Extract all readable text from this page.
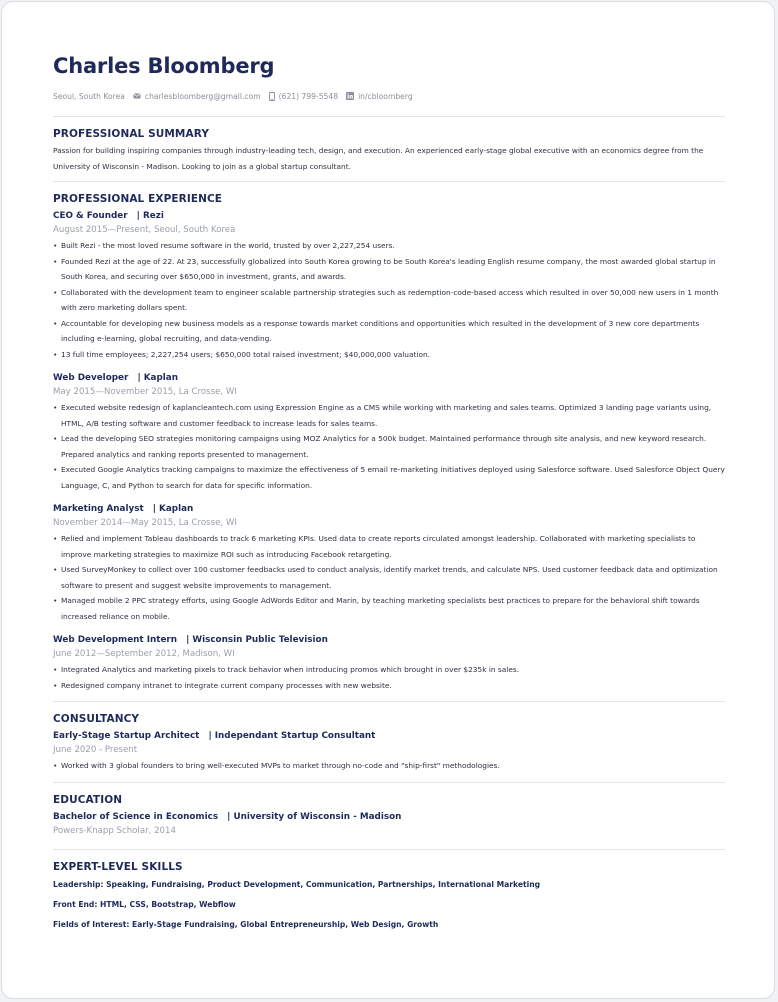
Charles Bloomberg
Seoul, South Korea	charlesbloomberg@gmail.com (621) 799-5548	in/cbloomberg
PROFESSIONAL SUMMARY

Passion for building inspiring companies through industry-leading tech, design, and execution. An experienced early-stage global executive with an economics degree from the University of Wisconsin - Madison. Looking to join as a global startup consultant.

PROFESSIONAL EXPERIENCE
CEO & Founder | Rezi
August 2015—Present, Seoul, South Korea
• Built Rezi - the most loved resume software in the world, trusted by over 2,227,254 users.
• Founded Rezi at the age of 22. At 23, successfully globalized into South Korea growing to be South Korea's leading English resume company, the most awarded global startup in South Korea, and securing over $650,000 in investment, grants, and awards.
• Collaborated with the development team to engineer scalable partnership strategies such as redemption-code-based access which resulted in over 50,000 new users in 1 month with zero marketing dollars spent.
• Accountable for developing new business models as a response towards market conditions and opportunities which resulted in the development of 3 new core departments including e-learning, global recruiting, and data-vending.
• 13 full time employees; 2,227,254 users; $650,000 total raised investment; $40,000,000 valuation.
Web Developer | Kaplan
May 2015—November 2015, La Crosse, WI
• Executed website redesign of kaplancleantech.com using Expression Engine as a CMS while working with marketing and sales teams. Optimized 3 landing page variants using, HTML, A/B testing software and customer feedback to increase leads for sales teams.
• Lead the developing SEO strategies monitoring campaigns using MOZ Analytics for a 500k budget. Maintained performance through site analysis, and new keyword research. Prepared analytics and ranking reports presented to management.
• Executed Google Analytics tracking campaigns to maximize the effectiveness of 5 email re-marketing initiatives deployed using Salesforce software. Used Salesforce Object Query Language, C, and Python to search for data for specific information.
Marketing Analyst | Kaplan
November 2014—May 2015, La Crosse, WI
• Relied and implement Tableau dashboards to track 6 marketing KPIs. Used data to create reports circulated amongst leadership. Collaborated with marketing specialists to improve marketing strategies to maximize ROI such as introducing Facebook retargeting.
• Used SurveyMonkey to collect over 100 customer feedbacks used to conduct analysis, identify market trends, and calculate NPS. Used customer feedback data and optimization software to present and suggest website improvements to management.
• Managed mobile 2 PPC strategy efforts, using Google AdWords Editor and Marin, by teaching marketing specialists best practices to prepare for the behavioral shift towards increased reliance on mobile.
Web Development Intern | Wisconsin Public Television
June 2012—September 2012, Madison, WI
• Integrated Analytics and marketing pixels to track behavior when introducing promos which brought in over $235k in sales.
• Redesigned company intranet to integrate current company processes with new website.
CONSULTANCY
Early-Stage Startup Architect | Independant Startup Consultant
June 2020 - Present
• Worked with 3 global founders to bring well-executed MVPs to market through no-code and "ship-first" methodologies.
EDUCATION
Bachelor of Science in Economics | University of Wisconsin - Madison
Powers-Knapp Scholar, 2014
EXPERT-LEVEL SKILLS
Leadership: Speaking, Fundraising, Product Development, Communication, Partnerships, International Marketing
Front End: HTML, CSS, Bootstrap, Webflow
Fields of Interest: Early-Stage Fundraising, Global Entrepreneurship, Web Design, Growth
